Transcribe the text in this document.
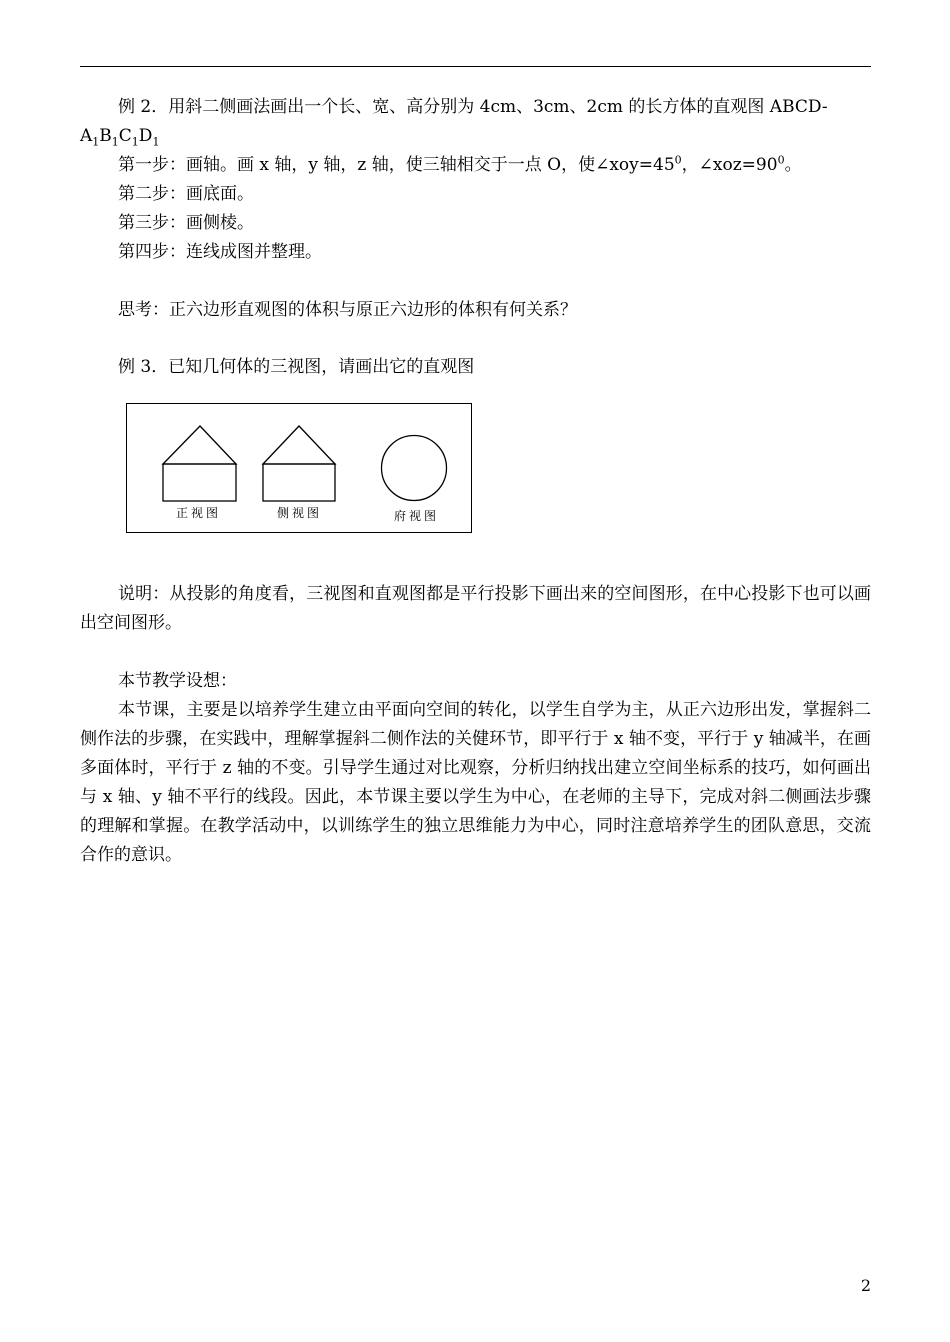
例 2．用斜二侧画法画出一个长、宽、高分别为 4cm、3cm、2cm 的长方体的直观图 ABCD-

$A_1B_1C_1D_1$

第一步：画轴。画 x 轴，y 轴，z 轴，使三轴相交于一点 O，使$\angle xoy=45^0$，$\angle xoz=90^0$。

第二步：画底面。

第三步：画侧棱。

第四步：连线成图并整理。

思考：正六边形直观图的体积与原正六边形的体积有何关系？

例 3．已知几何体的三视图，请画出它的直观图

正视图	侧视图	府视图

说明：从投影的角度看，三视图和直观图都是平行投影下画出来的空间图形，在中心投影下也可以画出空间图形。

本节教学设想：

本节课，主要是以培养学生建立由平面向空间的转化，以学生自学为主，从正六边形出发，掌握斜二侧作法的步骤，在实践中，理解掌握斜二侧作法的关健环节，即平行于 x 轴不变，平行于 y 轴减半，在画多面体时，平行于 z 轴的不变。引导学生通过对比观察，分析归纳找出建立空间坐标系的技巧，如何画出与 x 轴、y 轴不平行的线段。因此，本节课主要以学生为中心，在老师的主导下，完成对斜二侧画法步骤的理解和掌握。在教学活动中，以训练学生的独立思维能力为中心，同时注意培养学生的团队意思，交流合作的意识。

2
